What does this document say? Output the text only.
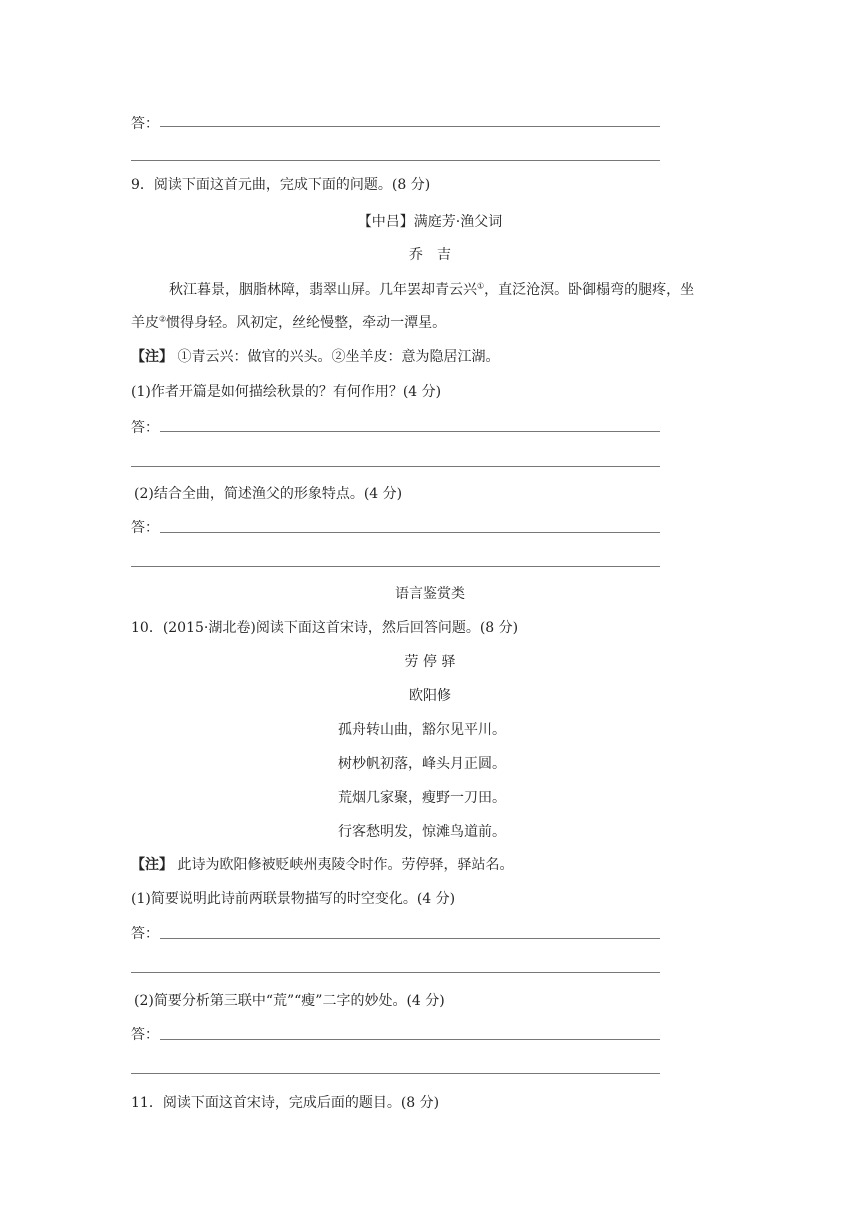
答：
9．阅读下面这首元曲，完成下面的问题。(8 分)
【中吕】满庭芳·渔父词
乔　吉
秋江暮景，胭脂林障，翡翠山屏。几年罢却青云兴①，直泛沧溟。卧御榻弯的腿疼，坐
羊皮②惯得身轻。风初定，丝纶慢整，牵动一潭星。
【注】 ①青云兴：做官的兴头。②坐羊皮：意为隐居江湖。
(1)作者开篇是如何描绘秋景的？有何作用？(4 分)
答：
(2)结合全曲，简述渔父的形象特点。(4 分)
答：
语言鉴赏类
10．(2015·湖北卷)阅读下面这首宋诗，然后回答问题。(8 分)
劳 停 驿
欧阳修
孤舟转山曲，豁尔见平川。
树杪帆初落，峰头月正圆。
荒烟几家聚，瘦野一刀田。
行客愁明发，惊滩鸟道前。
【注】 此诗为欧阳修被贬峡州夷陵令时作。劳停驿，驿站名。
(1)简要说明此诗前两联景物描写的时空变化。(4 分)
答：
(2)简要分析第三联中“荒”“瘦”二字的妙处。(4 分)
答：
11．阅读下面这首宋诗，完成后面的题目。(8 分)
